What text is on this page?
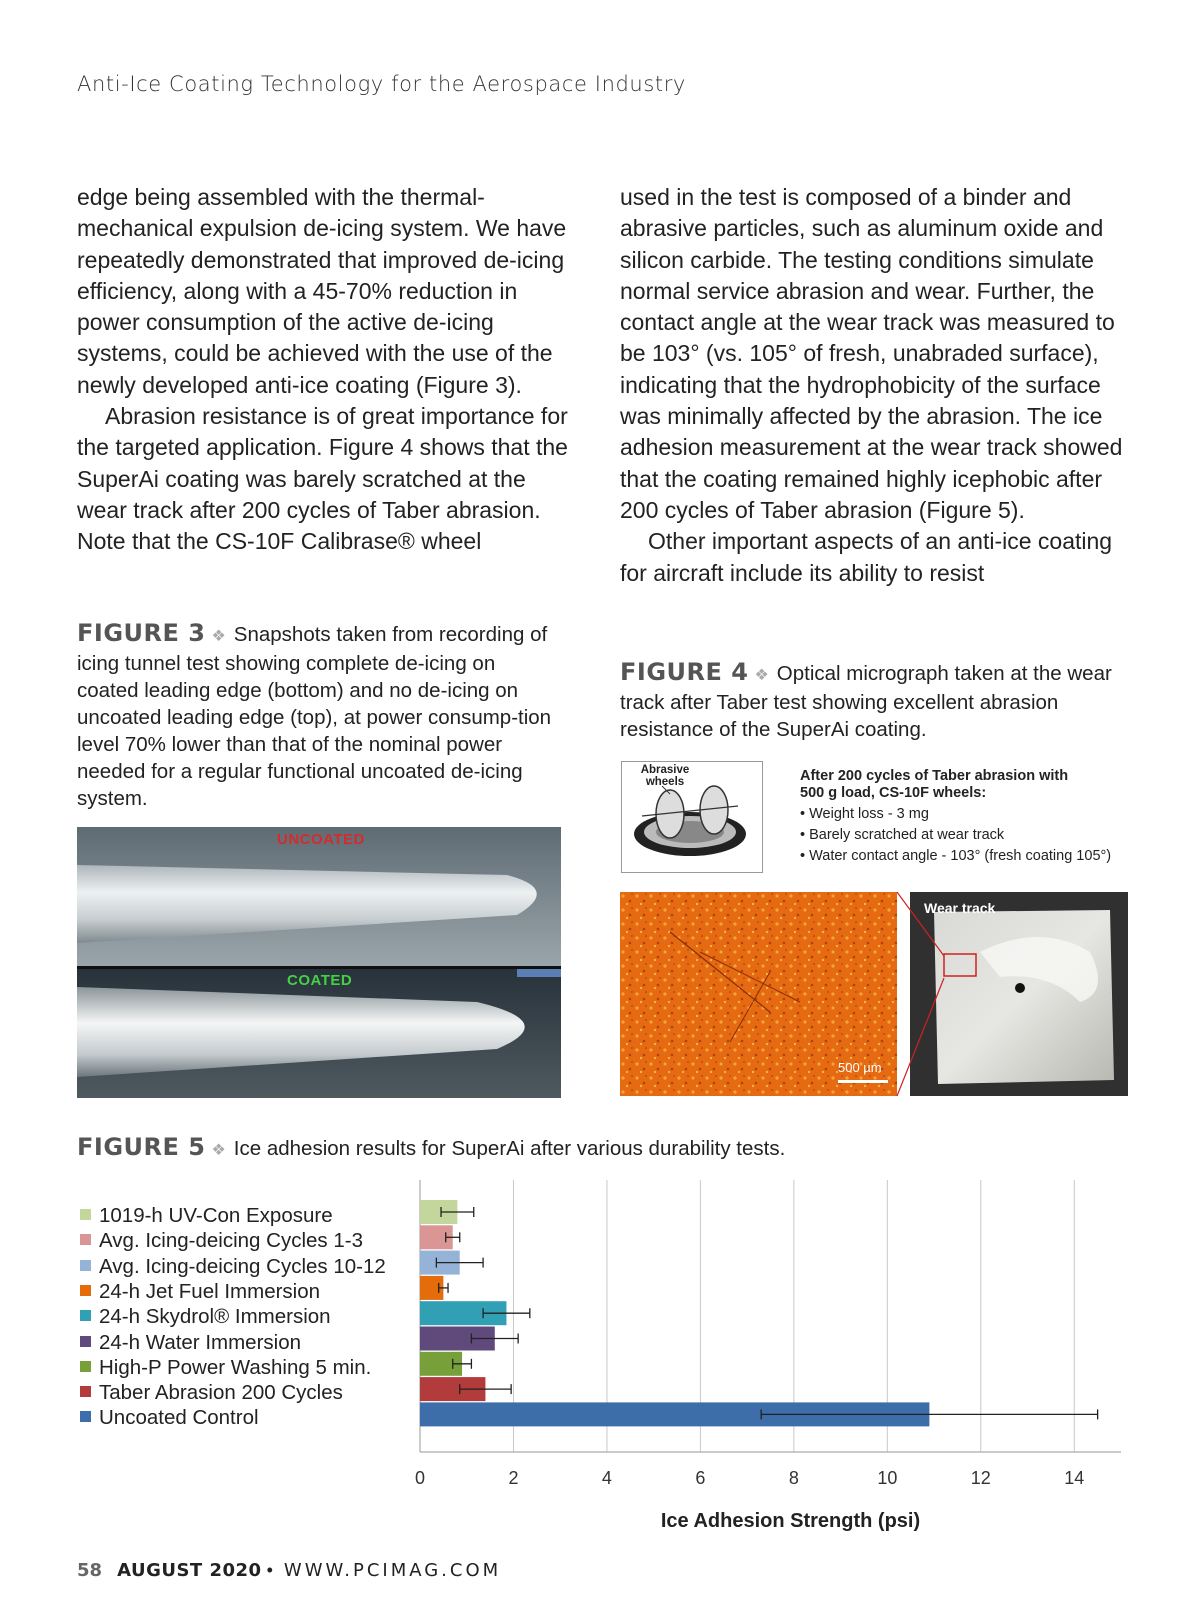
Anti-Ice Coating Technology for the Aerospace Industry

edge being assembled with the thermal-mechanical expulsion de-icing system. We have repeatedly demonstrated that improved de-icing efficiency, along with a 45-70% reduction in power consumption of the active de-icing systems, could be achieved with the use of the newly developed anti-ice coating (Figure 3).

Abrasion resistance is of great importance for the targeted application. Figure 4 shows that the SuperAi coating was barely scratched at the wear track after 200 cycles of Taber abrasion. Note that the CS-10F Calibrase® wheel

used in the test is composed of a binder and abrasive particles, such as aluminum oxide and silicon carbide. The testing conditions simulate normal service abrasion and wear. Further, the contact angle at the wear track was measured to be 103° (vs. 105° of fresh, unabraded surface), indicating that the hydrophobicity of the surface was minimally affected by the abrasion. The ice adhesion measurement at the wear track showed that the coating remained highly icephobic after 200 cycles of Taber abrasion (Figure 5).

Other important aspects of an anti-ice coating for aircraft include its ability to resist

FIGURE 3 ❖ Snapshots taken from recording of icing tunnel test showing complete de-icing on coated leading edge (bottom) and no de-icing on uncoated leading edge (top), at power consump-tion level 70% lower than that of the nominal power needed for a regular functional uncoated de-icing system.
UNCOATED
COATED
FIGURE 4 ❖ Optical micrograph taken at the wear track after Taber test showing excellent abrasion resistance of the SuperAi coating.
Abrasive
wheels	After 200 cycles of Taber abrasion with
500 g load, CS-10F wheels:
• Weight loss - 3 mg
• Barely scratched at wear track
• Water contact angle - 103° (fresh coating 105°)
500 µm
Wear track
FIGURE 5 ❖ Ice adhesion results for SuperAi after various durability tests.
1019-h UV-Con Exposure
Avg. Icing-deicing Cycles 1-3
Avg. Icing-deicing Cycles 10-12
24-h Jet Fuel Immersion
24-h Skydrol® Immersion
24-h Water Immersion
High-P Power Washing 5 min.
Taber Abrasion 200 Cycles
Uncoated Control
0	2	4	6	8	10	12	14
Ice Adhesion Strength (psi)
58 AUGUST 2020 • WWW.PCIMAG.COM
